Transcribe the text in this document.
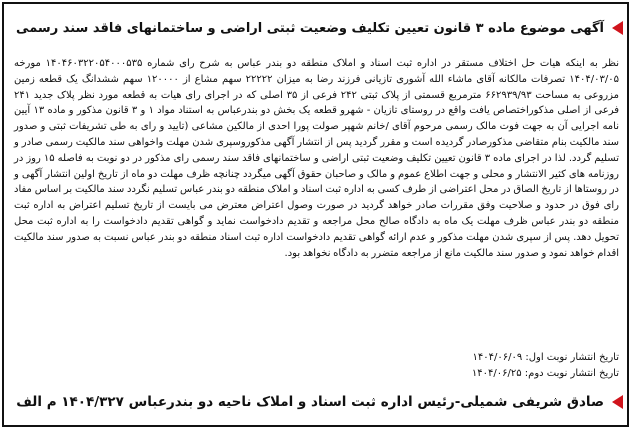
آگهی موضوع ماده ۳ قانون تعیین تکلیف وضعیت ثبتی اراضی و ساختمانهای فاقد سند رسمی
نظر به اینکه هیات حل اختلاف مستقر در اداره ثبت اسناد و املاک منطقه دو بندر عباس به شرح رای شماره ۱۴۰۴۶۰۳۲۲۰۵۴۰۰۰۵۳۵ مورخه ۱۴۰۴/۰۳/۰۵ تصرفات مالکانه آقای ماشاء الله آشوری تازیانی فرزند رضا به میزان ۲۲۲۲۲ سهم مشاع از ۱۲۰۰۰۰ سهم ششدانگ یک قطعه زمین مزروعی به مساحت ۶۶۲۹۳۹/۹۳ مترمربع قسمتی از پلاک ثبتی ۲۴۲ فرعی از ۳۵ اصلی که در اجرای رای هیات به قطعه مورد نظر پلاک جدید ۲۴۱ فرعی از اصلی مذکوراختصاص یافت واقع در روستای تازیان - شهرو قطعه یک بخش دو بندرعباس به استناد مواد ۱ و ۳ قانون مذکور و ماده ۱۳ آیین نامه اجرایی آن به جهت فوت مالک رسمی مرحوم آقای /خانم شهپر صولت پورا احدی از مالکین مشاعی (تایید و رای به طی تشریفات ثبتی و صدور سند مالکیت بنام متقاضی مذکورصادر گردیده است و مقرر گردید پس از انتشار آگهی مذکوروسپری شدن مهلت واخواهی سند مالکیت رسمی صادر و تسلیم گردد. لذا در اجرای ماده ۳ قانون تعیین تکلیف وضعیت ثبتی اراضی و ساختمانهای فاقد سند رسمی رای مذکور در دو نوبت به فاصله ۱۵ روز در روزنامه های کثیر الانتشار و محلی و جهت اطلاع عموم و مالک و صاحبان حقوق آگهی میگردد چنانچه ظرف مهلت دو ماه از تاریخ اولین انتشار آگهی و در روستاها از تاریخ الصاق در محل اعتراضی از طرف کسی به اداره ثبت اسناد و املاک منطقه دو بندر عباس تسلیم نگردد سند مالکیت بر اساس مفاد رای فوق در حدود و صلاحیت وفق مقررات صادر خواهد گردید در صورت وصول اعتراض معترض می بایست از تاریخ تسلیم اعتراض به اداره ثبت منطقه دو بندر عباس ظرف مهلت یک ماه به دادگاه صالح محل مراجعه و تقدیم دادخواست نماید و گواهی تقدیم دادخواست را به اداره ثبت محل تحویل دهد. پس از سپری شدن مهلت مذکور و عدم ارائه گواهی تقدیم دادخواست اداره ثبت اسناد منطقه دو بندر عباس نسبت به صدور سند مالکیت اقدام خواهد نمود و صدور سند مالکیت مانع از مراجعه متضرر به دادگاه نخواهد بود.
تاریخ انتشار نوبت اول: ۱۴۰۴/۰۶/۰۹
تاریخ انتشار نوبت دوم: ۱۴۰۴/۰۶/۲۵
صادق شریفی شمیلی-رئیس اداره ثبت اسناد و املاک ناحیه دو بندرعباس ۱۴۰۴/۳۲۷ م الف
